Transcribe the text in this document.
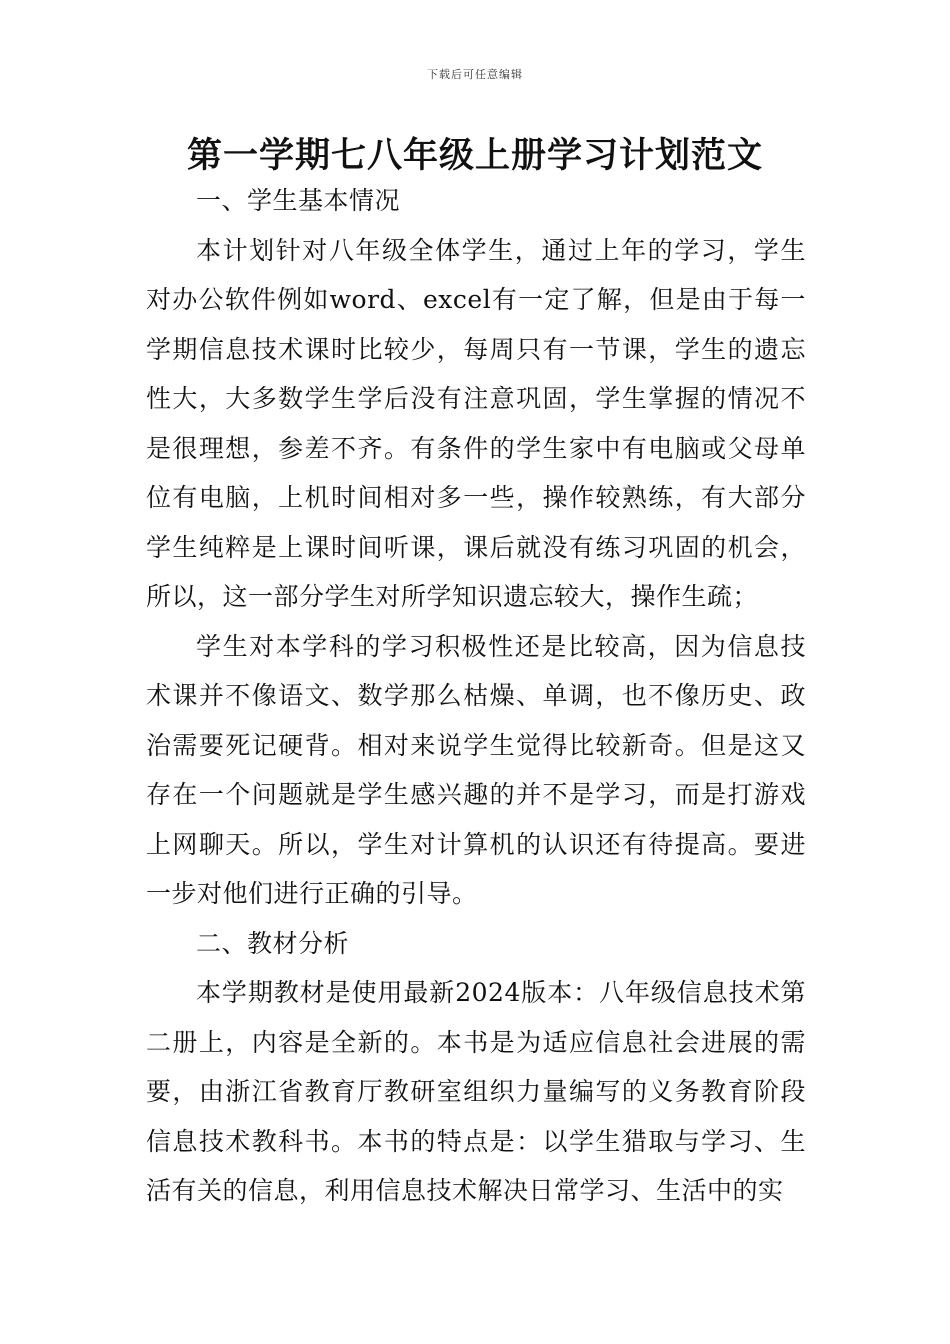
下载后可任意编辑
第一学期七八年级上册学习计划范文

一、学生基本情况

本计划针对八年级全体学生，通过上年的学习，学生对办公软件例如word、excel有一定了解，但是由于每一学期信息技术课时比较少，每周只有一节课，学生的遗忘性大，大多数学生学后没有注意巩固，学生掌握的情况不是很理想，参差不齐。有条件的学生家中有电脑或父母单位有电脑，上机时间相对多一些，操作较熟练，有大部分学生纯粹是上课时间听课，课后就没有练习巩固的机会，所以，这一部分学生对所学知识遗忘较大，操作生疏；

学生对本学科的学习积极性还是比较高，因为信息技术课并不像语文、数学那么枯燥、单调，也不像历史、政治需要死记硬背。相对来说学生觉得比较新奇。但是这又存在一个问题就是学生感兴趣的并不是学习，而是打游戏上网聊天。所以，学生对计算机的认识还有待提高。要进一步对他们进行正确的引导。

二、教材分析

本学期教材是使用最新2024版本：八年级信息技术第二册上，内容是全新的。本书是为适应信息社会进展的需要，由浙江省教育厅教研室组织力量编写的义务教育阶段信息技术教科书。本书的特点是：以学生猎取与学习、生活有关的信息，利用信息技术解决日常学习、生活中的实
